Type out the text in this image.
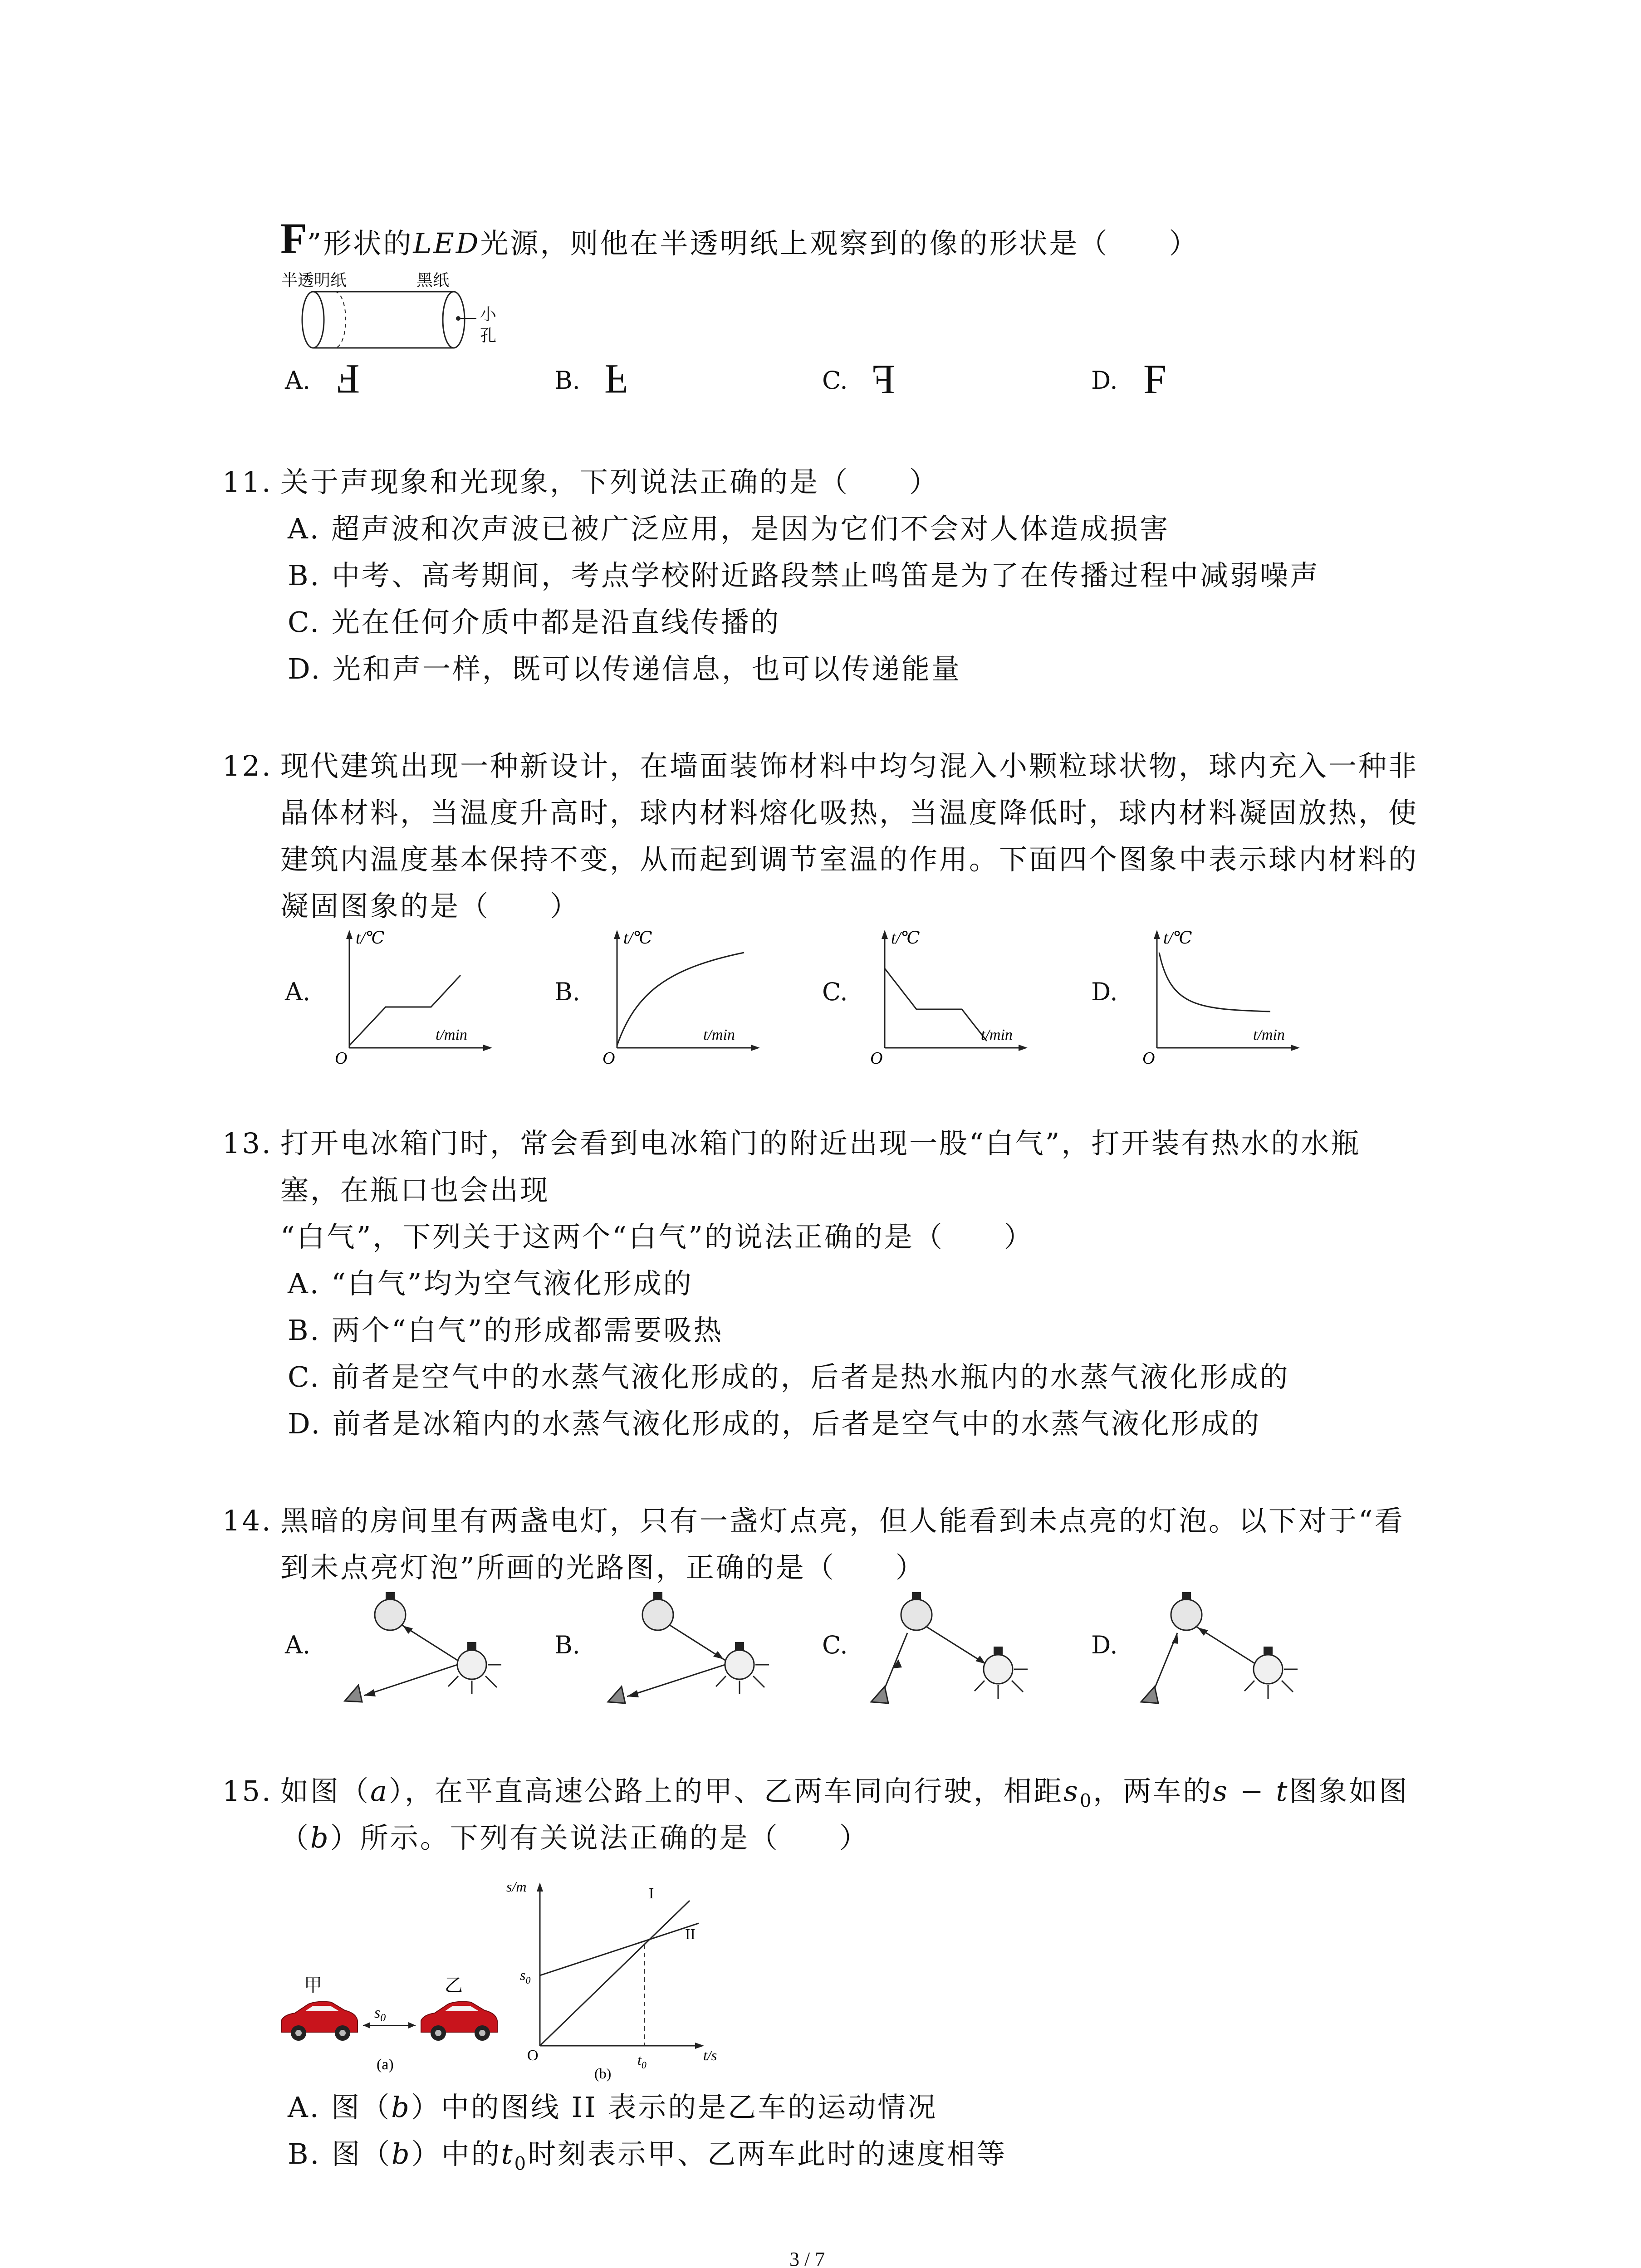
F”形状的LED光源，则他在半透明纸上观察到的像的形状是（　　）
半透明纸	黑纸
小
孔
A. F	B. F	C. F	D. F
11. 关于声现象和光现象，下列说法正确的是（　　）
A. 超声波和次声波已被广泛应用，是因为它们不会对人体造成损害
B. 中考、高考期间，考点学校附近路段禁止鸣笛是为了在传播过程中减弱噪声
C. 光在任何介质中都是沿直线传播的
D. 光和声一样，既可以传递信息，也可以传递能量
12. 现代建筑出现一种新设计，在墙面装饰材料中均匀混入小颗粒球状物，球内充入一种非
晶体材料，当温度升高时，球内材料熔化吸热，当温度降低时，球内材料凝固放热，使
建筑内温度基本保持不变，从而起到调节室温的作用。下面四个图象中表示球内材料的
凝固图象的是（　　）
A.
t/℃
t/min
O
B.
t/℃
t/min
O
C.
t/℃
t/min
O
D.
t/℃
t/min
O
13. 打开电冰箱门时，常会看到电冰箱门的附近出现一股“白气”，打开装有热水的水瓶
塞，在瓶口也会出现
“白气”，下列关于这两个“白气”的说法正确的是（　　）
A. “白气”均为空气液化形成的
B. 两个“白气”的形成都需要吸热
C. 前者是空气中的水蒸气液化形成的，后者是热水瓶内的水蒸气液化形成的
D. 前者是冰箱内的水蒸气液化形成的，后者是空气中的水蒸气液化形成的
14. 黑暗的房间里有两盏电灯，只有一盏灯点亮，但人能看到未点亮的灯泡。以下对于“看
到未点亮灯泡”所画的光路图，正确的是（　　）
A.	B.	C.	D.
15. 如图（a），在平直高速公路上的甲、乙两车同向行驶，相距$s_0$，两车的s − t图象如图
（b）所示。下列有关说法正确的是（　　）
甲	乙
$s_0$
(a)
s/m
t/s
O
I
II
$s_0$
$t_0$
(b)
A. 图（b）中的图线 II 表示的是乙车的运动情况
B. 图（b）中的$t_0$时刻表示甲、乙两车此时的速度相等
3 / 7
